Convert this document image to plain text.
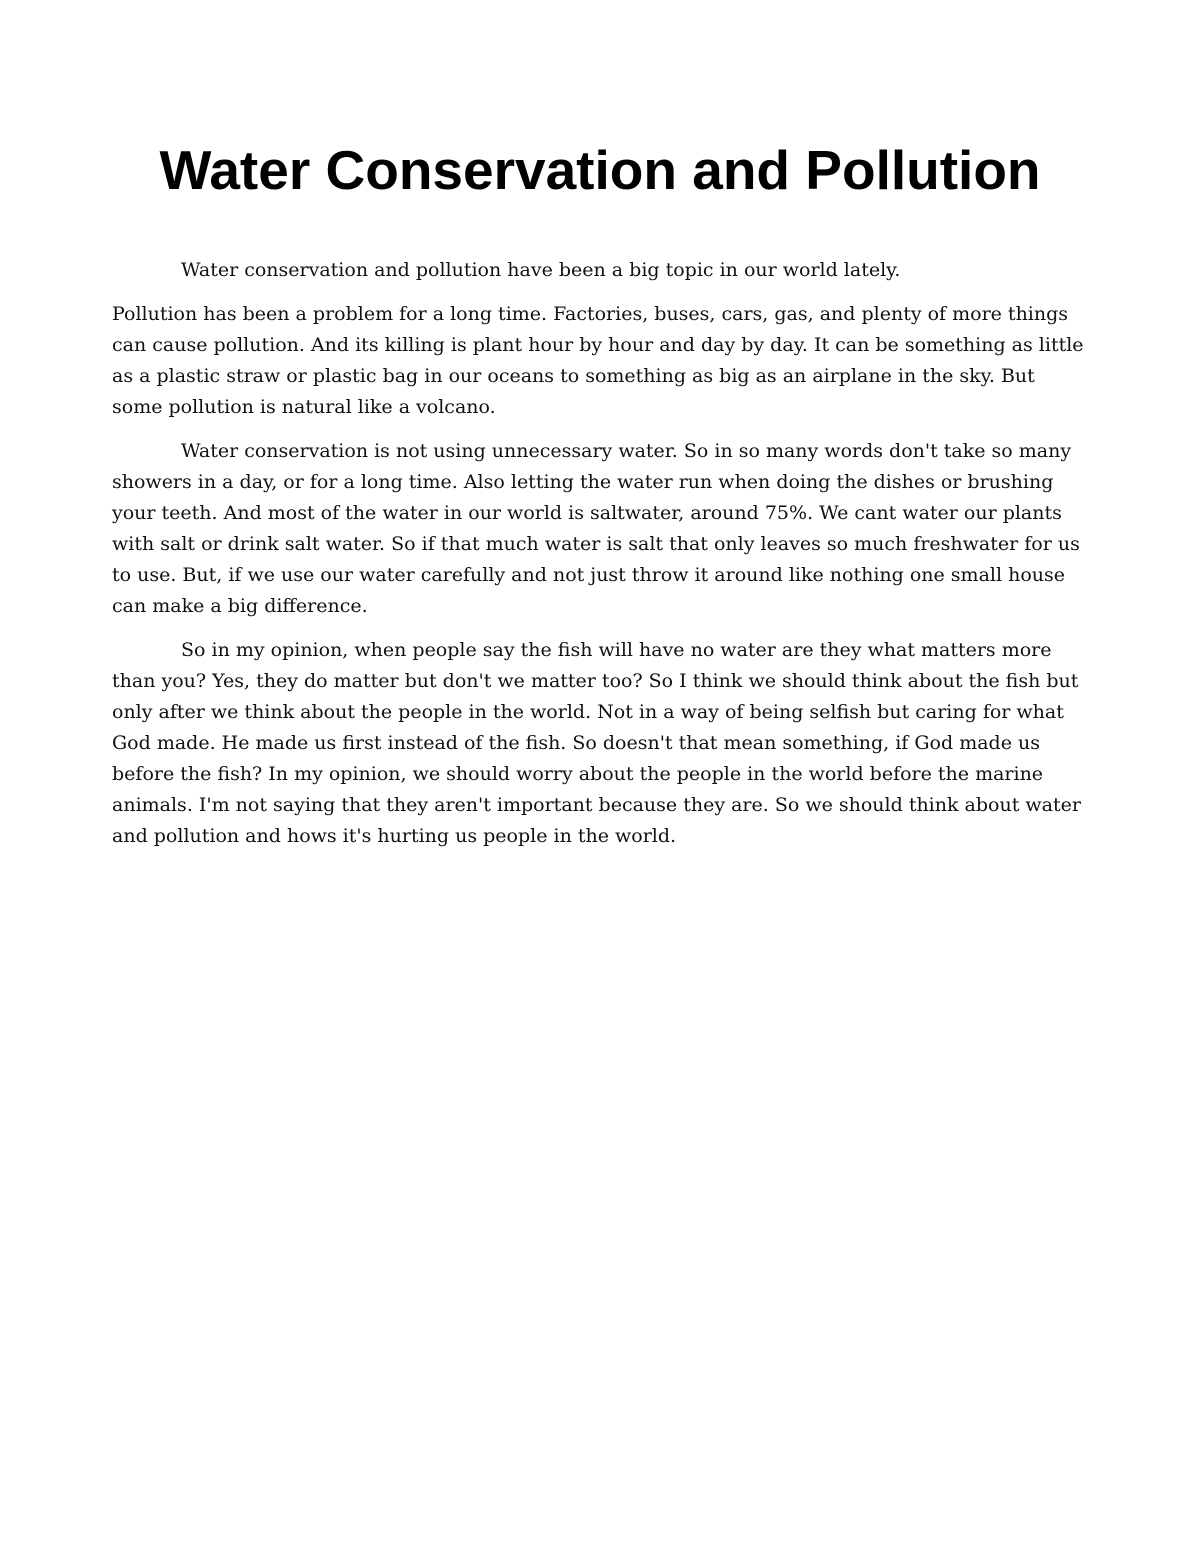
Water Conservation and Pollution

Water conservation and pollution have been a big topic in our world lately.

Pollution has been a problem for a long time. Factories, buses, cars, gas, and plenty of more things can cause pollution. And its killing is plant hour by hour and day by day. It can be something as little as a plastic straw or plastic bag in our oceans to something as big as an airplane in the sky. But some pollution is natural like a volcano.

Water conservation is not using unnecessary water. So in so many words don't take so many showers in a day, or for a long time. Also letting the water run when doing the dishes or brushing your teeth. And most of the water in our world is saltwater, around 75%. We cant water our plants with salt or drink salt water. So if that much water is salt that only leaves so much freshwater for us to use. But, if we use our water carefully and not just throw it around like nothing one small house can make a big difference.

So in my opinion, when people say the fish will have no water are they what matters more than you? Yes, they do matter but don't we matter too? So I think we should think about the fish but only after we think about the people in the world. Not in a way of being selfish but caring for what God made. He made us first instead of the fish. So doesn't that mean something, if God made us before the fish? In my opinion, we should worry about the people in the world before the marine animals. I'm not saying that they aren't important because they are. So we should think about water and pollution and hows it's hurting us people in the world.
